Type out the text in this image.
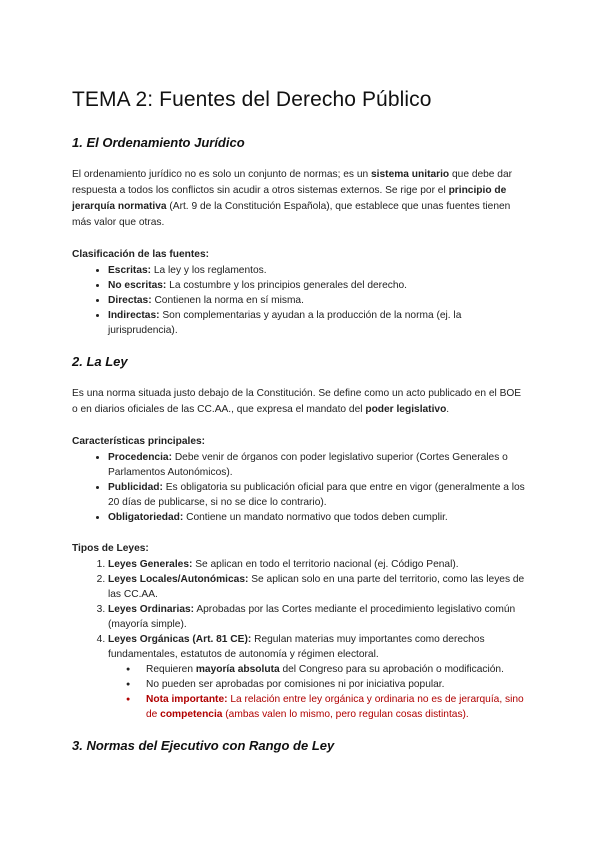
TEMA 2: Fuentes del Derecho Público
1. El Ordenamiento Jurídico

El ordenamiento jurídico no es solo un conjunto de normas; es un sistema unitario que debe dar respuesta a todos los conflictos sin acudir a otros sistemas externos. Se rige por el principio de jerarquía normativa (Art. 9 de la Constitución Española), que establece que unas fuentes tienen más valor que otras.

Clasificación de las fuentes:
• Escritas: La ley y los reglamentos.
• No escritas: La costumbre y los principios generales del derecho.
• Directas: Contienen la norma en sí misma.
• Indirectas: Son complementarias y ayudan a la producción de la norma (ej. la jurisprudencia).
2. La Ley

Es una norma situada justo debajo de la Constitución. Se define como un acto publicado en el BOE o en diarios oficiales de las CC.AA., que expresa el mandato del poder legislativo.

Características principales:
• Procedencia: Debe venir de órganos con poder legislativo superior (Cortes Generales o Parlamentos Autonómicos).
• Publicidad: Es obligatoria su publicación oficial para que entre en vigor (generalmente a los 20 días de publicarse, si no se dice lo contrario).
• Obligatoriedad: Contiene un mandato normativo que todos deben cumplir.
Tipos de Leyes:
1. Leyes Generales: Se aplican en todo el territorio nacional (ej. Código Penal).
2. Leyes Locales/Autonómicas: Se aplican solo en una parte del territorio, como las leyes de las CC.AA.
3. Leyes Ordinarias: Aprobadas por las Cortes mediante el procedimiento legislativo común (mayoría simple).
4. Leyes Orgánicas (Art. 81 CE): Regulan materias muy importantes como derechos fundamentales, estatutos de autonomía y régimen electoral.
● Requieren mayoría absoluta del Congreso para su aprobación o modificación.
● No pueden ser aprobadas por comisiones ni por iniciativa popular.
● Nota importante: La relación entre ley orgánica y ordinaria no es de jerarquía, sino de competencia (ambas valen lo mismo, pero regulan cosas distintas).
3. Normas del Ejecutivo con Rango de Ley
